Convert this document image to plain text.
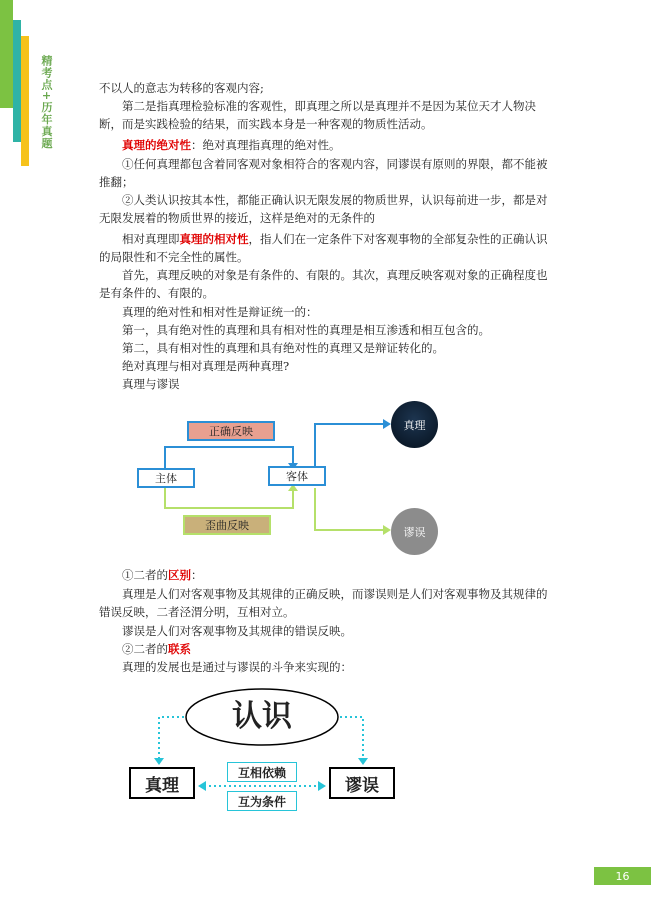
精考点+历年真题	不以人的意志为转移的客观内容;

第二是指真理检验标准的客观性，即真理之所以是真理并不是因为某位天才人物决断，而是实践检验的结果，而实践本身是一种客观的物质性活动。

真理的绝对性：绝对真理指真理的绝对性。

①任何真理都包含着同客观对象相符合的客观内容，同谬误有原则的界限，都不能被推翻；

②人类认识按其本性，都能正确认识无限发展的物质世界，认识每前进一步，都是对无限发展着的物质世界的接近，这样是绝对的无条件的

相对真理即真理的相对性，指人们在一定条件下对客观事物的全部复杂性的正确认识的局限性和不完全性的属性。

首先，真理反映的对象是有条件的、有限的。其次，真理反映客观对象的正确程度也是有条件的、有限的。

真理的绝对性和相对性是辩证统一的：

第一，具有绝对性的真理和具有相对性的真理是相互渗透和相互包含的。

第二，具有相对性的真理和具有绝对性的真理又是辩证转化的。

绝对真理与相对真理是两种真理?

真理与谬误

正确反映
主体	客体
歪曲反映
真理
谬误

①二者的区别：

真理是人们对客观事物及其规律的正确反映，而谬误则是人们对客观事物及其规律的错误反映，二者泾渭分明，互相对立。

谬误是人们对客观事物及其规律的错误反映。

②二者的联系

真理的发展也是通过与谬误的斗争来实现的：

认识
真理	谬误
互相依赖
互为条件
16
